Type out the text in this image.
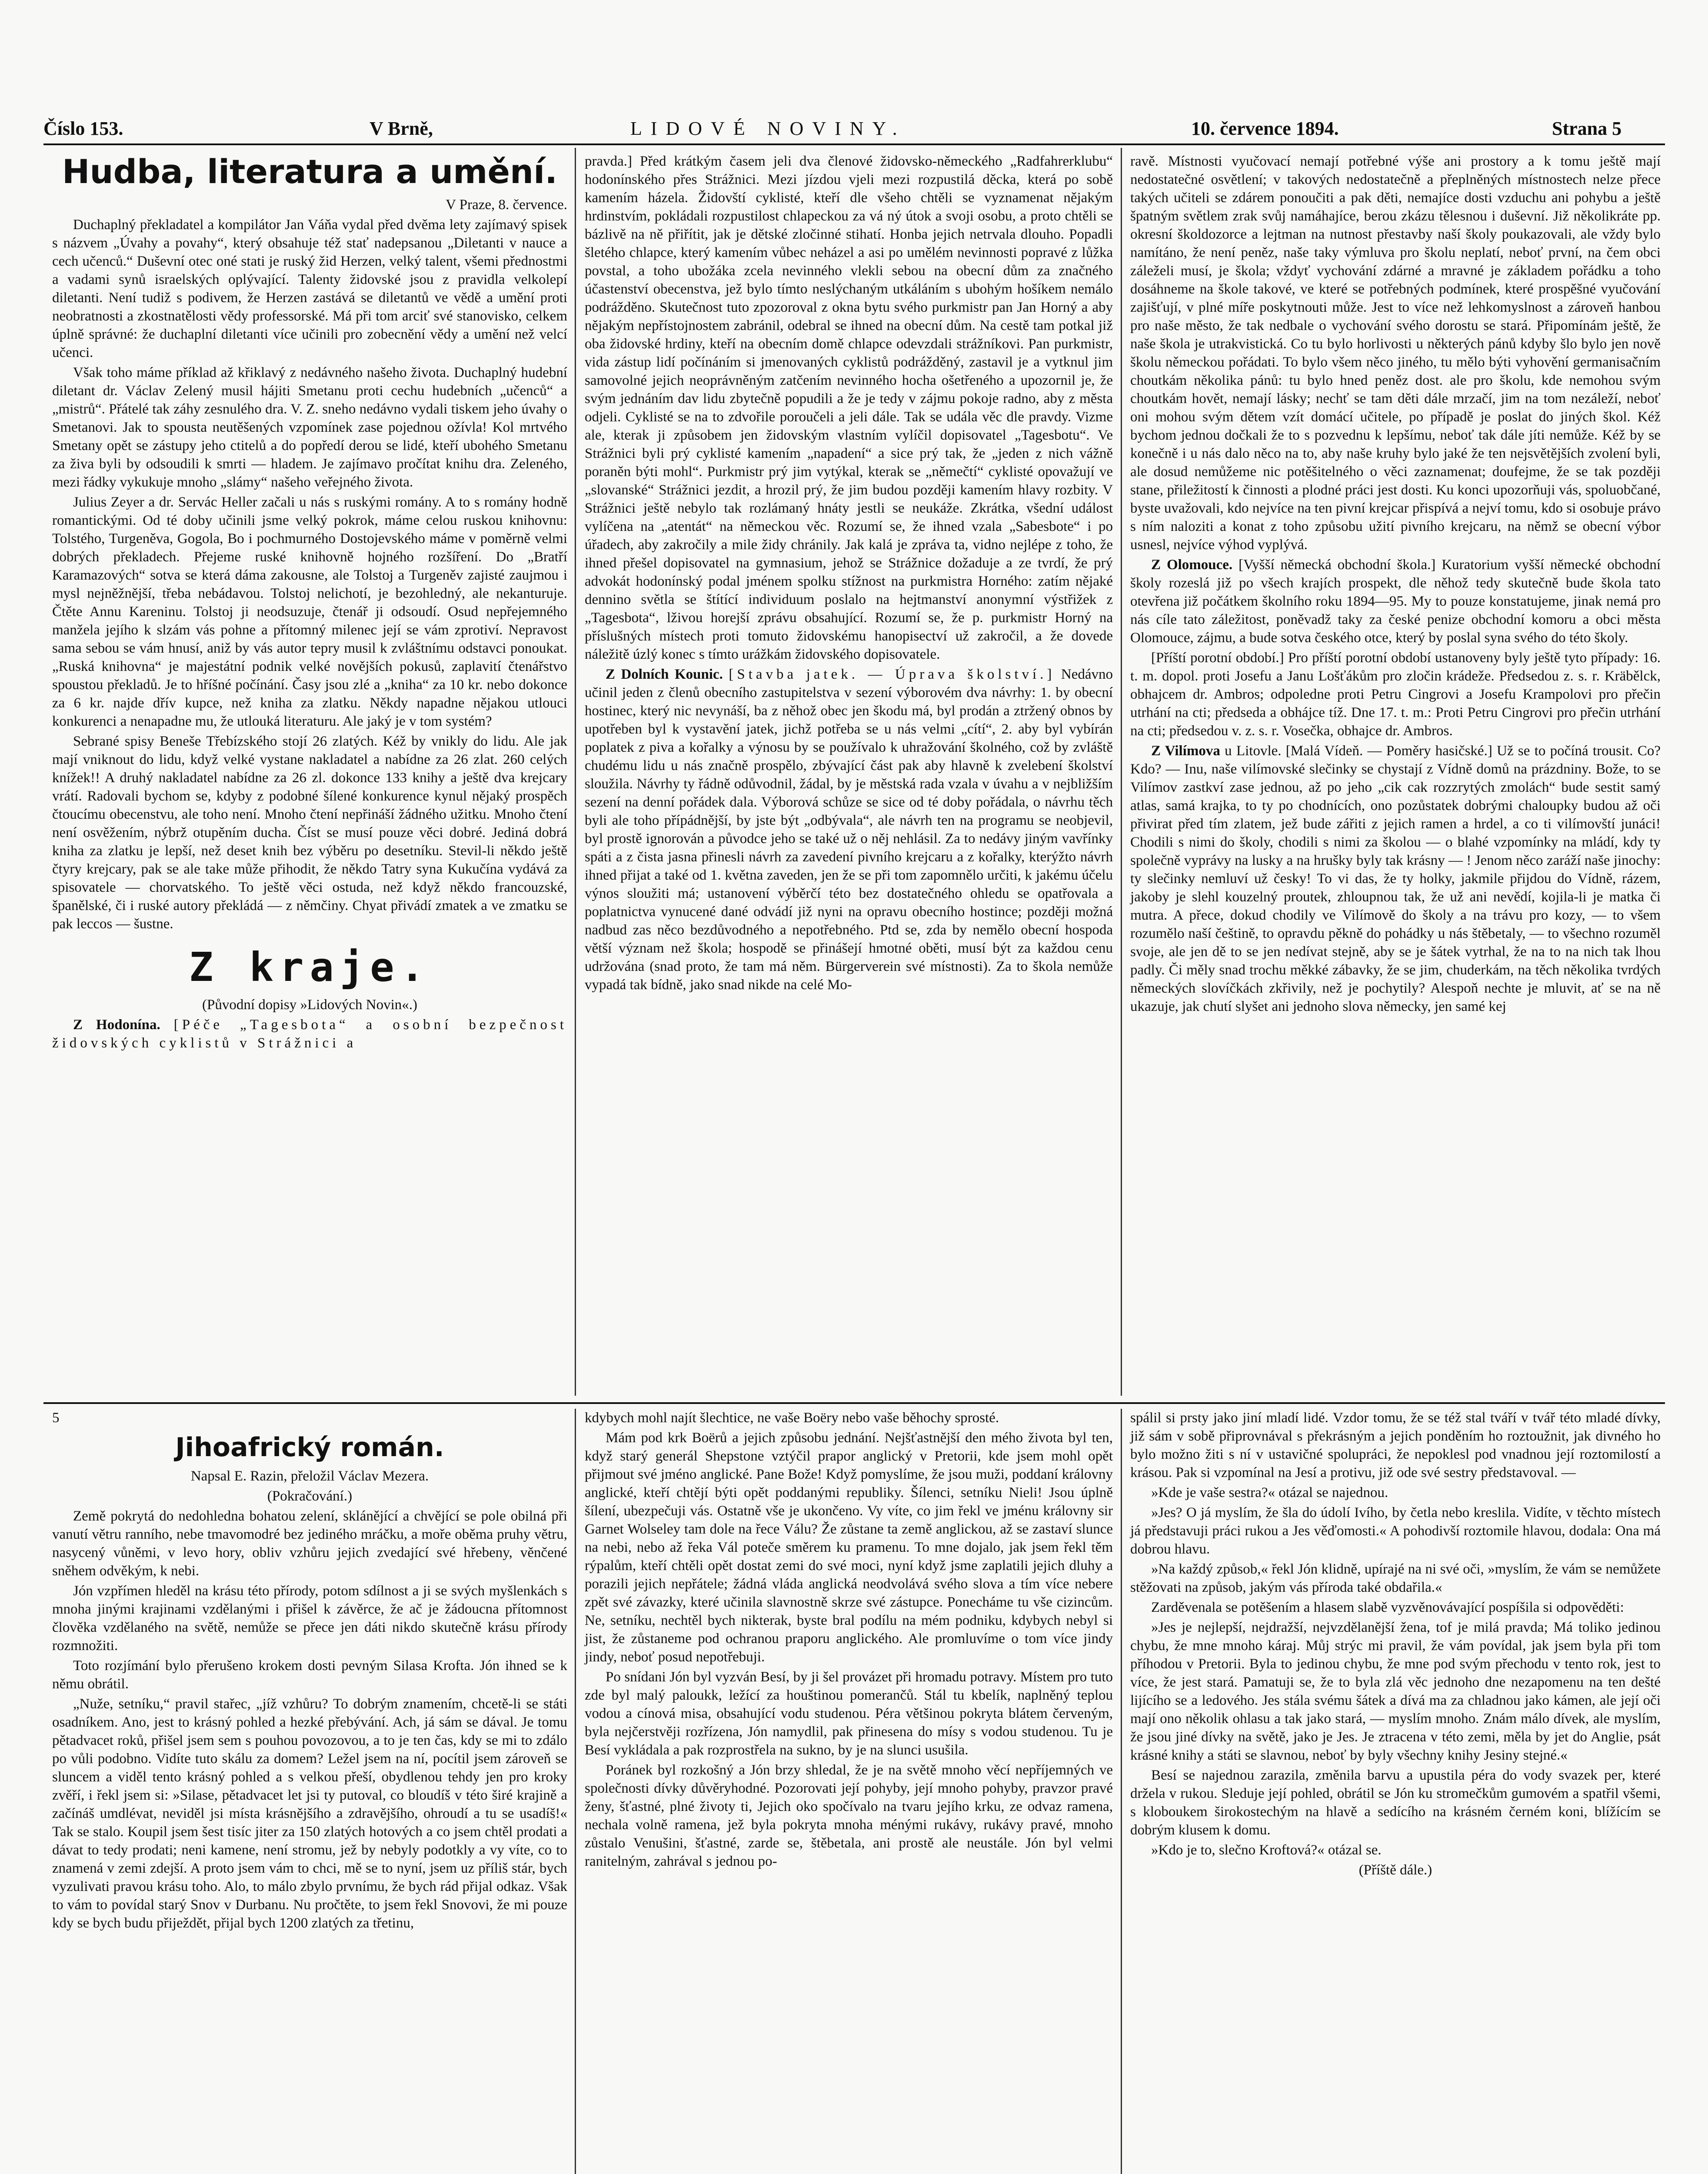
Číslo 153.	V Brně,	LIDOVÉ NOVINY.	10. července 1894.	Strana 5
Hudba, literatura a umění.

V Praze, 8. července.

Duchaplný překladatel a kompilátor Jan Váňa vydal před dvěma lety zajímavý spisek s názvem „Úvahy a povahy“, který obsahuje též stať nadepsanou „Diletanti v nauce a cech učenců.“ Duševní otec oné stati je ruský žid Herzen, velký talent, všemi přednostmi a vadami synů israelských oplývající. Talenty židovské jsou z pravidla velkolepí diletanti. Není tudiž s podivem, že Herzen zastává se diletantů ve vědě a umění proti neobratnosti a zkostnatělosti vědy professorské. Má při tom arciť své stanovisko, celkem úplně správné: že duchaplní diletanti více učinili pro zobecnění vědy a umění než velcí učenci.

Však toho máme příklad až křiklavý z nedávného našeho života. Duchaplný hudební diletant dr. Václav Zelený musil hájiti Smetanu proti cechu hudebních „učenců“ a „mistrů“. Přátelé tak záhy zesnulého dra. V. Z. sneho nedávno vydali tiskem jeho úvahy o Smetanovi. Jak to spousta neutěšených vzpomínek zase pojednou ožívla! Kol mrtvého Smetany opět se zástupy jeho ctitelů a do popředí derou se lidé, kteří ubohého Smetanu za živa byli by odsoudili k smrti — hladem. Je zajímavo pročítat knihu dra. Zeleného, mezi řádky vykukuje mnoho „slámy“ našeho veřejného života.

Julius Zeyer a dr. Servác Heller začali u nás s ruskými romány. A to s romány hodně romantickými. Od té doby učinili jsme velký pokrok, máme celou ruskou knihovnu: Tolstého, Turgeněva, Gogola, Bo i pochmurného Dostojevského máme v poměrně velmi dobrých překladech. Přejeme ruské knihovně hojného rozšíření. Do „Bratří Karamazových“ sotva se která dáma zakousne, ale Tolstoj a Turgeněv zajisté zaujmou i mysl nejněžnější, třeba nebádavou. Tolstoj nelichotí, je bezohledný, ale nekanturuje. Čtěte Annu Kareninu. Tolstoj ji neodsuzuje, čtenář ji odsoudí. Osud nepřejemného manžela jejího k slzám vás pohne a přítomný milenec její se vám zprotiví. Nepravost sama sebou se vám hnusí, aniž by vás autor tepry musil k zvláštnímu odstavci ponoukat. „Ruská knihovna“ je majestátní podnik velké novějších pokusů, zaplavití čtenářstvo spoustou překladů. Je to hříšné počínání. Časy jsou zlé a „kniha“ za 10 kr. nebo dokonce za 6 kr. najde dřív kupce, než kniha za zlatku. Někdy napadne nějakou utlouci konkurenci a nenapadne mu, že utlouká literaturu. Ale jaký je v tom systém?

Sebrané spisy Beneše Třebízského stojí 26 zlatých. Kéž by vnikly do lidu. Ale jak mají vniknout do lidu, když velké vystane nakladatel a nabídne za 26 zlat. 260 celých knížek!! A druhý nakladatel nabídne za 26 zl. dokonce 133 knihy a ještě dva krejcary vrátí. Radovali bychom se, kdyby z podobné šílené konkurence kynul nějaký prospěch čtoucímu obecenstvu, ale toho není. Mnoho čtení nepřináší žádného užitku. Mnoho čtení není osvěžením, nýbrž otupěním ducha. Číst se musí pouze věci dobré. Jediná dobrá kniha za zlatku je lepší, než deset knih bez výběru po desetníku. Stevil-li někdo ještě čtyry krejcary, pak se ale take může přihodit, že někdo Tatry syna Kukučína vydává za spisovatele — chorvatského. To ještě věci ostuda, než když někdo francouzské, španělské, či i ruské autory překládá — z němčiny. Chyat přivádí zmatek a ve zmatku se pak leccos — šustne.

Z kraje.

(Původní dopisy »Lidových Novin«.)

Z Hodonína. [Péče „Tagesbota“ a osobní bezpečnost židovských cyklistů v Strážnici a

pravda.] Před krátkým časem jeli dva členové židovsko-německého „Radfahrerklubu“ hodonínského přes Strážnici. Mezi jízdou vjeli mezi rozpustilá děcka, která po sobě kamením házela. Židovští cyklisté, kteří dle všeho chtěli se vyznamenat nějakým hrdinstvím, pokládali rozpustilost chlapeckou za vá ný útok a svoji osobu, a proto chtěli se bázlivě na ně přiřítit, jak je dětské zločinné stihatí. Honba jejich netrvala dlouho. Popadli šletého chlapce, který kamením vůbec neházel a asi po umělém nevinnosti popravé z lůžka povstal, a toho ubožáka zcela nevinného vlekli sebou na obecní dům za značného účastenství obecenstva, jež bylo tímto neslýchaným utkáláním s ubohým hošíkem nemálo podrážděno. Skutečnost tuto zpozoroval z okna bytu svého purkmistr pan Jan Horný a aby nějakým nepřístojnostem zabránil, odebral se ihned na obecní dům. Na cestě tam potkal již oba židovské hrdiny, kteří na obecním domě chlapce odevzdali strážníkovi. Pan purkmistr, vida zástup lidí počínáním si jmenovaných cyklistů podrážděný, zastavil je a vytknul jim samovolné jejich neoprávněným zatčením nevinného hocha ošetřeného a upozornil je, že svým jednáním dav lidu zbytečně popudili a že je tedy v zájmu pokoje radno, aby z města odjeli. Cyklisté se na to zdvořile poroučeli a jeli dále. Tak se udála věc dle pravdy. Vizme ale, kterak ji způsobem jen židovským vlastním vylíčil dopisovatel „Tagesbotu“. Ve Strážnici byli prý cyklisté kamením „napadení“ a sice prý tak, že „jeden z nich vážně poraněn býti mohl“. Purkmistr prý jim vytýkal, kterak se „němečtí“ cyklisté opovažují ve „slovanské“ Strážnici jezdit, a hrozil prý, že jim budou později kamením hlavy rozbity. V Strážnici ještě nebylo tak rozlámaný hnáty jestli se neukáže. Zkrátka, všední událost vylíčena na „atentát“ na německou věc. Rozumí se, že ihned vzala „Sabesbote“ i po úřadech, aby zakročily a mile židy chránily. Jak kalá je zpráva ta, vidno nejlépe z toho, že ihned přešel dopisovatel na gymnasium, jehož se Strážnice dožaduje a ze tvrdí, že prý advokát hodonínský podal jménem spolku stížnost na purkmistra Horného: zatím nějaké dennino světla se štítící individuum poslalo na hejtmanství anonymní výstřižek z „Tagesbota“, lživou horejší zprávu obsahující. Rozumí se, že p. purkmistr Horný na příslušných místech proti tomuto židovskému hanopisectví už zakročil, a že dovede náležitě úzlý konec s tímto urážkám židovského dopisovatele.

Z Dolních Kounic. [Stavba jatek. — Úprava školství.] Nedávno učinil jeden z členů obecního zastupitelstva v sezení výborovém dva návrhy: 1. by obecní hostinec, který nic nevynáší, ba z něhož obec jen škodu má, byl prodán a ztržený obnos by upotřeben byl k vystavění jatek, jichž potřeba se u nás velmi „cítí“, 2. aby byl vybírán poplatek z piva a kořalky a výnosu by se používalo k uhražování školného, což by zvláště chudému lidu u nás značně prospělo, zbývající část pak aby hlavně k zvelebení školství sloužila. Návrhy ty řádně odůvodnil, žádal, by je městská rada vzala v úvahu a v nejbližším sezení na denní pořádek dala. Výborová schůze se sice od té doby pořádala, o návrhu těch byli ale toho přípádnější, by jste být „odbývala“, ale návrh ten na programu se neobjevil, byl prostě ignorován a původce jeho se také už o něj nehlásil. Za to nedávy jiným vavřínky spáti a z čista jasna přinesli návrh za zavedení pivního krejcaru a z kořalky, kterýžto návrh ihned přijat a také od 1. května zaveden, jen že se při tom zapomnělo určiti, k jakému účelu výnos sloužiti má; ustanovení výběrčí této bez dostatečného ohledu se opatřovala a poplatnictva vynucené dané odvádí již nyni na opravu obecního hostince; později možná nadbud zas něco bezdůvodného a nepotřebného. Ptd se, zda by nemělo obecní hospoda větší význam než škola; hospodě se přinášejí hmotné oběti, musí být za každou cenu udržována (snad proto, že tam má něm. Bürgerverein své místnosti). Za to škola nemůže vypadá tak bídně, jako snad nikde na celé Mo-

ravě. Místnosti vyučovací nemají potřebné výše ani prostory a k tomu ještě mají nedostatečné osvětlení; v takových nedostatečně a přeplněných místnostech nelze přece takých učiteli se zdárem ponoučiti a pak děti, nemajíce dosti vzduchu ani pohybu a ještě špatným světlem zrak svůj namáhajíce, berou zkázu tělesnou i duševní. Již několikráte pp. okresní školdozorce a lejtman na nutnost přestavby naší školy poukazovali, ale vždy bylo namítáno, že není peněz, naše taky výmluva pro školu neplatí, neboť první, na čem obci záleželi musí, je škola; vždyť vychování zdárné a mravné je základem pořádku a toho dosáhneme na škole takové, ve které se potřebných podmínek, které prospěšné vyučování zajišťují, v plné míře poskytnouti může. Jest to více než lehkomyslnost a zároveň hanbou pro naše město, že tak nedbale o vychování svého dorostu se stará. Připomínám ještě, že naše škola je utrakvistická. Co tu bylo horlivosti u některých pánů kdyby šlo bylo jen nově školu německou pořádati. To bylo všem něco jiného, tu mělo býti vyhovění germanisačním choutkám několika pánů: tu bylo hned peněz dost. ale pro školu, kde nemohou svým choutkám hovět, nemají lásky; nechť se tam děti dále mrzačí, jim na tom nezáleží, neboť oni mohou svým dětem vzít domácí učitele, po případě je poslat do jiných škol. Kéž bychom jednou dočkali že to s pozvednu k lepšímu, neboť tak dále jíti nemůže. Kéž by se konečně i u nás dalo něco na to, aby naše kruhy bylo jaké že ten nejsvětějších zvolení byli, ale dosud nemůžeme nic potěšitelného o věci zaznamenat; doufejme, že se tak později stane, přiležitostí k činnosti a plodné práci jest dosti. Ku konci upozorňuji vás, spoluobčané, byste uvažovali, kdo nejvíce na ten pivní krejcar přispívá a nejví tomu, kdo si osobuje právo s ním naloziti a konat z toho způsobu užití pivního krejcaru, na němž se obecní výbor usnesl, nejvíce výhod vyplývá.

Z Olomouce. [Vyšší německá obchodní škola.] Kuratorium vyšší německé obchodní školy rozeslá již po všech krajích prospekt, dle něhož tedy skutečně bude škola tato otevřena již počátkem školního roku 1894—95. My to pouze konstatujeme, jinak nemá pro nás cíle tato záležitost, poněvadž taky za české penize obchodní komoru a obci města Olomouce, zájmu, a bude sotva českého otce, který by poslal syna svého do této školy.

[Příští porotní období.] Pro příští porotní období ustanoveny byly ještě tyto případy: 16. t. m. dopol. proti Josefu a Janu Lošťákům pro zločin krádeže. Předsedou z. s. r. Kräbělck, obhajcem dr. Ambros; odpoledne proti Petru Cingrovi a Josefu Krampolovi pro přečin utrhání na cti; předseda a obhájce tíž. Dne 17. t. m.: Proti Petru Cingrovi pro přečin utrhání na cti; předsedou v. z. s. r. Vosečka, obhajce dr. Ambros.

Z Vilímova u Litovle. [Malá Vídeň. — Poměry hasičské.] Už se to počíná trousit. Co? Kdo? — Inu, naše vilímovské slečinky se chystají z Vídně domů na prázdniny. Bože, to se Vilímov zastkví zase jednou, až po jeho „cik cak rozzrytých zmolách“ bude sestit samý atlas, samá krajka, to ty po chodnících, ono pozůstatek dobrými chaloupky budou až oči přivirat před tím zlatem, jež bude zářiti z jejich ramen a hrdel, a co ti vilímovští junáci! Chodili s nimi do školy, chodili s nimi za školou — o blahé vzpomínky na mládí, kdy ty společně vyprávy na lusky a na hrušky byly tak krásny — ! Jenom něco zaráží naše jinochy: ty slečinky nemluví už česky! To vi das, že ty holky, jakmile přijdou do Vídně, rázem, jakoby je slehl kouzelný proutek, zhloupnou tak, že už ani nevědí, kojila-li je matka či mutra. A přece, dokud chodily ve Vilímově do školy a na trávu pro kozy, — to všem rozumělo naší češtině, to opravdu pěkně do pohádky u nás štěbetaly, — to všechno rozuměl svoje, ale jen dě to se jen nedívat stejně, aby se je šátek vytrhal, že na to na nich tak lhou padly. Či měly snad trochu měkké zábavky, že se jim, chuderkám, na těch několika tvrdých německých slovíčkách zkřivily, než je pochytily? Alespoň nechte je mluvit, ať se na ně ukazuje, jak chutí slyšet ani jednoho slova německy, jen samé kej

5

Jihoafrický román.

Napsal E. Razin, přeložil Václav Mezera.

(Pokračování.)

Země pokrytá do nedohledna bohatou zelení, sklánějící a chvějící se pole obilná při vanutí větru ranního, nebe tmavomodré bez jediného mráčku, a moře oběma pruhy větru, nasycený vůněmi, v levo hory, obliv vzhůru jejich zvedající své hřebeny, věnčené sněhem odvěkým, k nebi.

Jón vzpřímen hleděl na krásu této přírody, potom sdílnost a ji se svých myšlenkách s mnoha jinými krajinami vzdělanými i přišel k závěrce, že ač je žádoucna přítomnost člověka vzdělaného na světě, nemůže se přece jen dáti nikdo skutečně krásu přírody rozmnožiti.

Toto rozjímání bylo přerušeno krokem dosti pevným Silasa Krofta. Jón ihned se k němu obrátil.

„Nuže, setníku,“ pravil stařec, „jíž vzhůru? To dobrým znamením, chcetě-li se státi osadníkem. Ano, jest to krásný pohled a hezké přebývání. Ach, já sám se dával. Je tomu pětadvacet roků, přišel jsem sem s pouhou povozovou, a to je ten čas, kdy se mi to zdálo po vůli podobno. Vidíte tuto skálu za domem? Ležel jsem na ní, pocítil jsem zároveň se sluncem a viděl tento krásný pohled a s velkou přeší, obydlenou tehdy jen pro kroky zvěří, i řekl jsem si: »Silase, pětadvacet let jsi ty putoval, co bloudíš v této širé krajině a začínáš umdlévat, neviděl jsi místa krásnějšího a zdravějšího, ohroudí a tu se usadíš!« Tak se stalo. Koupil jsem šest tisíc jiter za 150 zlatých hotových a co jsem chtěl prodati a dávat to tedy prodati; neni kamene, není stromu, jež by nebyly podotkly a vy víte, co to znamená v zemi zdejší. A proto jsem vám to chci, mě se to nyní, jsem uz příliš stár, bych vyzulivati pravou krásu toho. Alo, to málo zbylo prvnímu, že bych rád přijal odkaz. Však to vám to povídal starý Snov v Durbanu. Nu pročtěte, to jsem řekl Snovovi, že mi pouze kdy se bych budu přiježdět, přijal bych 1200 zlatých za třetinu,

kdybych mohl najít šlechtice, ne vaše Boëry nebo vaše běhochy sprosté.

Mám pod krk Boërů a jejich způsobu jednání. Nejšťastnější den mého života byl ten, když starý generál Shepstone vztýčil prapor anglický v Pretorii, kde jsem mohl opět přijmout své jméno anglické. Pane Bože! Když pomyslíme, že jsou muži, poddaní královny anglické, kteří chtějí býti opět poddanými republiky. Šílenci, setníku Nieli! Jsou úplně šílení, ubezpečuji vás. Ostatně vše je ukončeno. Vy víte, co jim řekl ve jménu královny sir Garnet Wolseley tam dole na řece Válu? Že zůstane ta země anglickou, až se zastaví slunce na nebi, nebo až řeka Vál poteče směrem ku pramenu. To mne dojalo, jak jsem řekl těm rýpalům, kteří chtěli opět dostat zemi do své moci, nyní když jsme zaplatili jejich dluhy a porazili jejich nepřátele; žádná vláda anglická neodvolává svého slova a tím více nebere zpět své závazky, které učinila slavnostně skrze své zástupce. Ponecháme tu vše cizincům. Ne, setníku, nechtěl bych nikterak, byste bral podílu na mém podniku, kdybych nebyl si jist, že zůstaneme pod ochranou praporu anglického. Ale promluvíme o tom více jindy jindy, neboť posud nepotřebuji.

Po snídani Jón byl vyzván Besí, by ji šel provázet při hromadu potravy. Místem pro tuto zde byl malý paloukk, ležící za houštinou pomerančů. Stál tu kbelík, naplněný teplou vodou a cínová misa, obsahující vodu studenou. Péra většinou pokryta blátem červeným, byla nejčerstvěji rozřízena, Jón namydlil, pak přinesena do mísy s vodou studenou. Tu je Besí vykládala a pak rozprostřela na sukno, by je na slunci usušila.

Poránek byl rozkošný a Jón brzy shledal, že je na světě mnoho věcí nepříjemných ve společnosti dívky důvěryhodné. Pozorovati její pohyby, její mnoho pohyby, pravzor pravé ženy, šťastné, plné životy ti, Jejich oko spočívalo na tvaru jejího krku, ze odvaz ramena, nechala volně ramena, jež byla pokryta mnoha ménými rukávy, rukávy pravé, mnoho zůstalo Venušini, šťastné, zarde se, štěbetala, ani prostě ale neustále. Jón byl velmi ranitelným, zahrával s jednou po-

spálil si prsty jako jiní mladí lidé. Vzdor tomu, že se též stal tváří v tvář této mladé dívky, již sám v sobě připrovnával s překrásným a jejich ponděním ho roztoužnit, jak divného ho bylo možno žiti s ní v ustavičné spolupráci, že nepoklesl pod vnadnou její roztomilostí a krásou. Pak si vzpomínal na Jesí a protivu, již ode své sestry představoval. —

»Kde je vaše sestra?« otázal se najednou.

»Jes? O já myslím, že šla do údolí Ivího, by četla nebo kreslila. Vidíte, v těchto místech já představuji práci rukou a Jes věďomosti.« A pohodivší roztomile hlavou, dodala: Ona má dobrou hlavu.

»Na každý způsob,« řekl Jón klidně, upírajé na ni své oči, »myslím, že vám se nemůžete stěžovati na způsob, jakým vás příroda také obdařila.«

Zarděvenala se potěšením a hlasem slabě vyzvěnovávající pospíšila si odpověděti:

»Jes je nejlepší, nejdražší, nejvzdělanější žena, tof je milá pravda; Má toliko jedinou chybu, že mne mnoho káraj. Můj strýc mi pravil, že vám povídal, jak jsem byla při tom příhodou v Pretorii. Byla to jedinou chybu, že mne pod svým přechodu v tento rok, jest to více, že jest stará. Pamatuji se, že to byla zlá věc jednoho dne nezapomenu na ten dešté lijícího se a ledového. Jes stála svému šátek a dívá ma za chladnou jako kámen, ale její oči mají ono několik ohlasu a tak jako stará, — myslím mnoho. Znám málo dívek, ale myslím, že jsou jiné dívky na světě, jako je Jes. Je ztracena v této zemi, měla by jet do Anglie, psát krásné knihy a státi se slavnou, neboť by byly všechny knihy Jesiny stejné.«

Besí se najednou zarazila, změnila barvu a upustila péra do vody svazek per, které držela v rukou. Sleduje její pohled, obrátil se Jón ku stromečkům gumovém a spatřil všemi, s kloboukem širokostechým na hlavě a sedícího na krásném černém koni, blížícím se dobrým klusem k domu.

»Kdo je to, slečno Kroftová?« otázal se.

(Příště dále.)
